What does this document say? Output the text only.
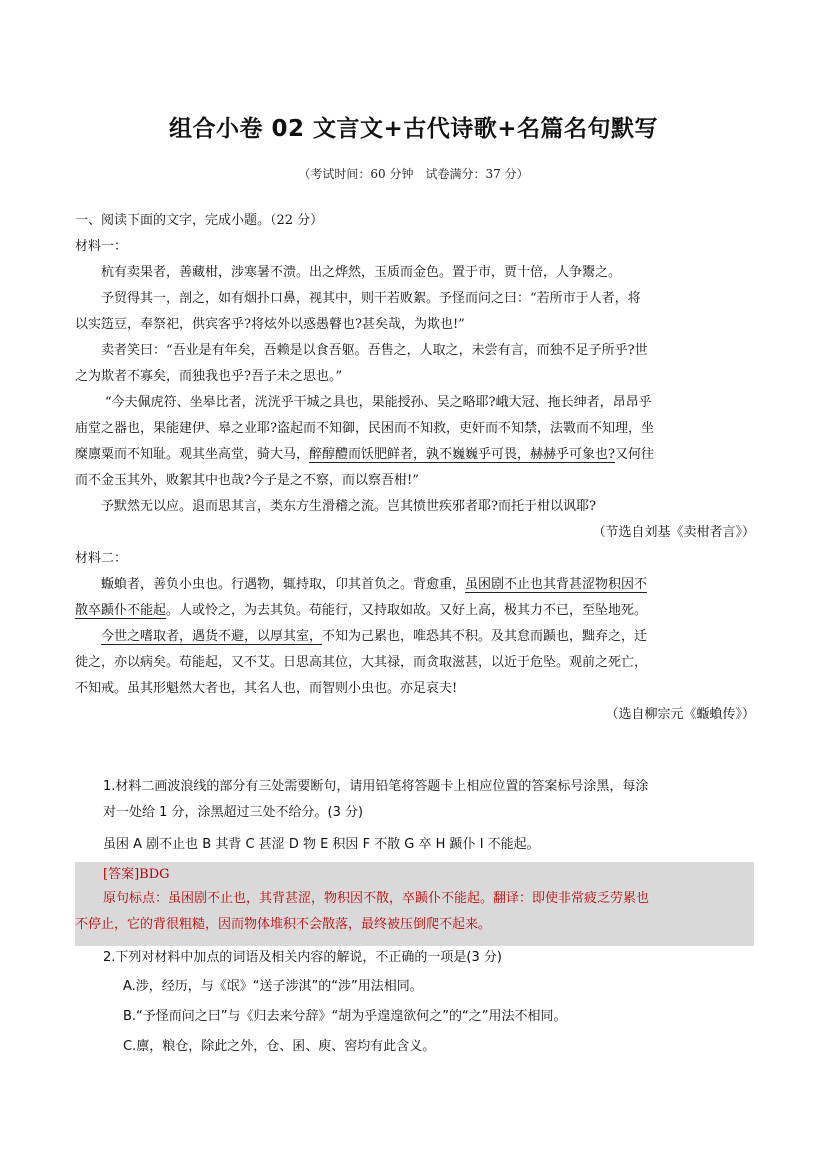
组合小卷 02 文言文+古代诗歌+名篇名句默写
（考试时间：60 分钟　试卷满分：37 分）
一、阅读下面的文字，完成小题。（22 分）
材料一：
杭有卖果者，善藏柑，涉寒暑不溃。出之烨然，玉质而金色。置于市，贾十倍，人争鬻之。
予贸得其一，剖之，如有烟扑口鼻，视其中，则干若败絮。予怪而问之曰：“若所市于人者，将
以实笾豆，奉祭祀，供宾客乎?将炫外以惑愚瞽也?甚矣哉，为欺也!”
卖者笑曰：“吾业是有年矣，吾赖是以食吾躯。吾售之，人取之，未尝有言，而独不足子所乎?世
之为欺者不寡矣，而独我也乎?吾子未之思也。”
“今夫佩虎符、坐皋比者，洸洸乎干城之具也，果能授孙、吴之略耶?峨大冠、拖长绅者，昂昂乎
庙堂之器也，果能建伊、皋之业耶?盗起而不知御，民困而不知救，吏奸而不知禁，法斁而不知理，坐
糜廪粟而不知耻。观其坐高堂，骑大马，醉醇醴而饫肥鲜者，孰不巍巍乎可畏，赫赫乎可象也?又何往
而不金玉其外，败絮其中也哉?今子是之不察，而以察吾柑!”
予默然无以应。退而思其言，类东方生滑稽之流。岂其愤世疾邪者耶?而托于柑以讽耶?
（节选自刘基《卖柑者言》）
材料二：
蝂蝜者，善负小虫也。行遇物，辄持取，卬其首负之。背愈重，虽困剧不止也其背甚涩物积因不
散卒踬仆不能起。人或怜之，为去其负。苟能行，又持取如故。又好上高，极其力不已，至坠地死。
今世之嗜取者，遇货不避，以厚其室，不知为己累也，唯恐其不积。及其怠而踬也，黜弃之，迁
徙之，亦以病矣。苟能起，又不艾。日思高其位，大其禄，而贪取滋甚，以近于危坠。观前之死亡，
不知戒。虽其形魁然大者也，其名人也，而智则小虫也。亦足哀夫!
（选自柳宗元《蝂蝜传》）
1.材料二画波浪线的部分有三处需要断句，请用铅笔将答题卡上相应位置的答案标号涂黑，每涂
对一处给 1 分，涂黑超过三处不给分。(3 分)
虽困 A 剧不止也 B 其背 C 甚涩 D 物 E 积因 F 不散 G 卒 H 踬仆 I 不能起。
[答案]BDG
原句标点：虽困剧不止也，其背甚涩，物积因不散，卒踬仆不能起。翻译：即使非常疲乏劳累也
不停止，它的背很粗糙，因而物体堆积不会散落，最终被压倒爬不起来。
2.下列对材料中加点的词语及相关内容的解说，不正确的一项是(3 分)
A.涉，经历，与《氓》“送子涉淇”的“涉”用法相同。
B.“予怪而问之曰”与《归去来兮辞》“胡为乎遑遑欲何之”的“之”用法不相同。
C.廪，粮仓，除此之外，仓、囷、庾、窖均有此含义。
